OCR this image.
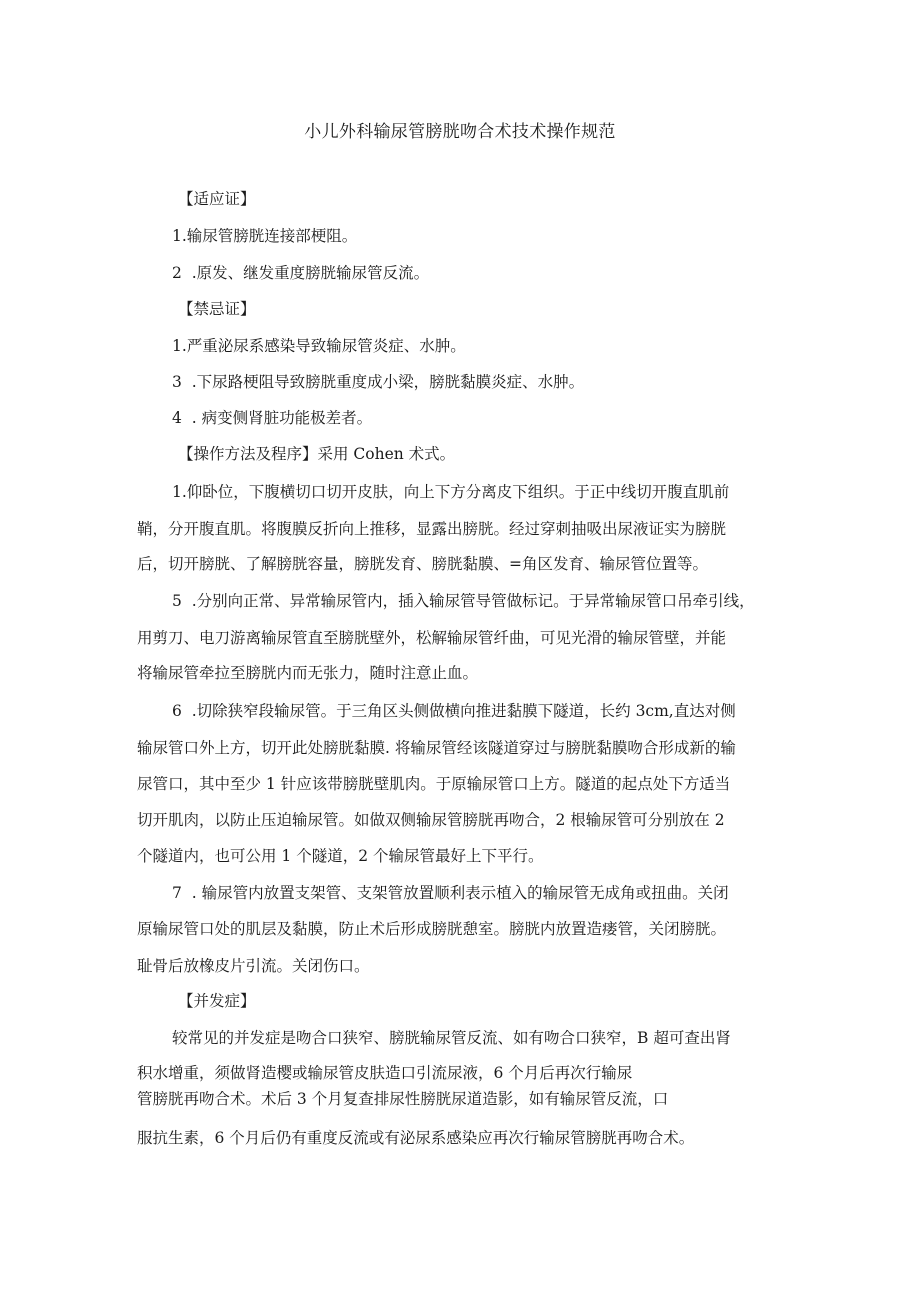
小儿外科输尿管膀胱吻合术技术操作规范
【适应证】
1.输尿管膀胱连接部梗阻。
2  .原发、继发重度膀胱输尿管反流。
【禁忌证】
1.严重泌尿系感染导致输尿管炎症、水肿。
3  .下尿路梗阻导致膀胱重度成小梁，膀胱黏膜炎症、水肿。
4  . 病变侧肾脏功能极差者。
【操作方法及程序】采用 Cohen 术式。
1.仰卧位，下腹横切口切开皮肤，向上下方分离皮下组织。于正中线切开腹直肌前
鞘，分开腹直肌。将腹膜反折向上推移，显露出膀胱。经过穿刺抽吸出尿液证实为膀胱
后，切开膀胱、了解膀胱容量，膀胱发育、膀胱黏膜、=角区发育、输尿管位置等。
5  .分别向正常、异常输尿管内，插入输尿管导管做标记。于异常输尿管口吊牵引线，
用剪刀、电刀游离输尿管直至膀胱壁外，松解输尿管纤曲，可见光滑的输尿管壁，并能
将输尿管牵拉至膀胱内而无张力，随时注意止血。
6  .切除狭窄段输尿管。于三角区头侧做横向推进黏膜下隧道，长约 3cm,直达对侧
输尿管口外上方，切开此处膀胱黏膜. 将输尿管经该隧道穿过与膀胱黏膜吻合形成新的输
尿管口，其中至少 1 针应该带膀胱壁肌肉。于原输尿管口上方。隧道的起点处下方适当
切开肌肉，以防止压迫输尿管。如做双侧输尿管膀胱再吻合，2 根输尿管可分别放在 2
个隧道内，也可公用 1 个隧道，2 个输尿管最好上下平行。
7  . 输尿管内放置支架管、支架管放置顺利表示植入的输尿管无成角或扭曲。关闭
原输尿管口处的肌层及黏膜，防止术后形成膀胱憩室。膀胱内放置造瘘管，关闭膀胱。
耻骨后放橡皮片引流。关闭伤口。
【并发症】
较常见的并发症是吻合口狭窄、膀胱输尿管反流、如有吻合口狭窄，B 超可查出肾
积水增重，须做肾造樱或输尿管皮肤造口引流尿液，6 个月后再次行输尿
管膀胱再吻合术。术后 3 个月复查排尿性膀胱尿道造影，如有输尿管反流，口
服抗生素，6 个月后仍有重度反流或有泌尿系感染应再次行输尿管膀胱再吻合术。
